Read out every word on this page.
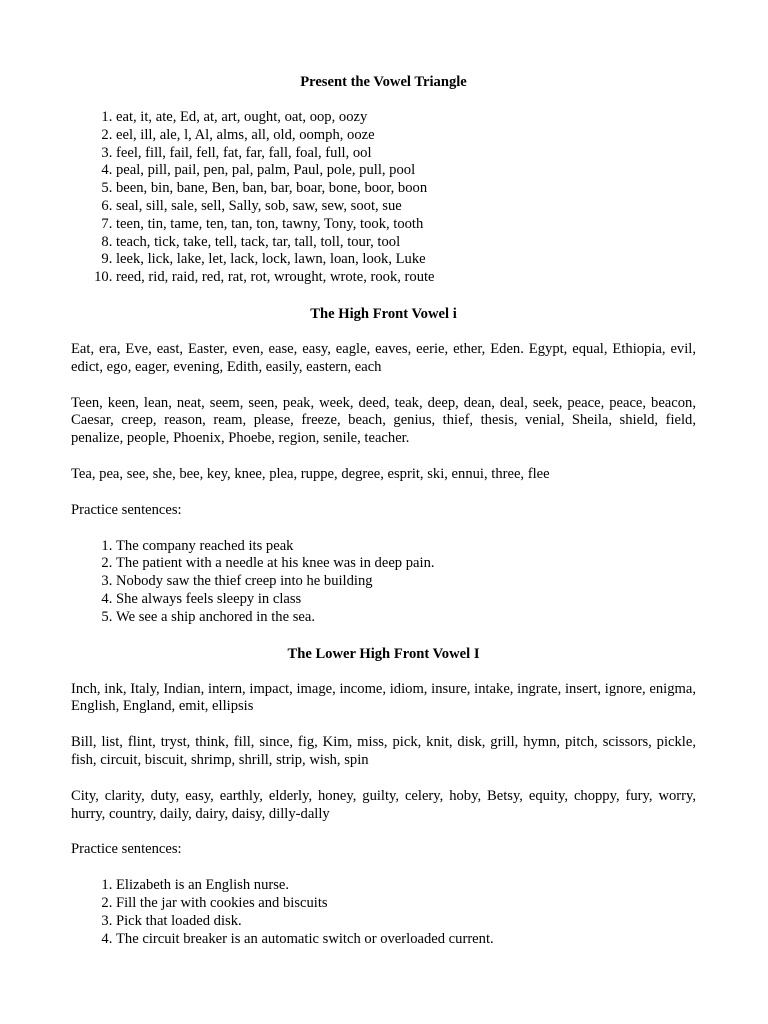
Present the Vowel Triangle
1. eat, it, ate, Ed, at, art, ought, oat, oop, oozy
2. eel, ill, ale, l, Al, alms, all, old, oomph, ooze
3. feel, fill, fail, fell, fat, far, fall, foal, full, ool
4. peal, pill, pail, pen, pal, palm, Paul, pole, pull, pool
5. been, bin, bane, Ben, ban, bar, boar, bone, boor, boon
6. seal, sill, sale, sell, Sally, sob, saw, sew, soot, sue
7. teen, tin, tame, ten, tan, ton, tawny, Tony, took, tooth
8. teach, tick, take, tell, tack, tar, tall, toll, tour, tool
9. leek, lick, lake, let, lack, lock, lawn, loan, look, Luke
10. reed, rid, raid, red, rat, rot, wrought, wrote, rook, route
The High Front Vowel i

Eat, era, Eve, east, Easter, even, ease, easy, eagle, eaves, eerie, ether, Eden. Egypt, equal, Ethiopia, evil, edict, ego, eager, evening, Edith, easily, eastern, each

Teen, keen, lean, neat, seem, seen, peak, week, deed, teak, deep, dean, deal, seek, peace, peace, beacon, Caesar, creep, reason, ream, please, freeze, beach, genius, thief, thesis, venial, Sheila, shield, field, penalize, people, Phoenix, Phoebe, region, senile, teacher.

Tea, pea, see, she, bee, key, knee, plea, ruppe, degree, esprit, ski, ennui, three, flee

Practice sentences:

1. The company reached its peak
2. The patient with a needle at his knee was in deep pain.
3. Nobody saw the thief creep into he building
4. She always feels sleepy in class
5. We see a ship anchored in the sea.
The Lower High Front Vowel I

Inch, ink, Italy, Indian, intern, impact, image, income, idiom, insure, intake, ingrate, insert, ignore, enigma, English, England, emit, ellipsis

Bill, list, flint, tryst, think, fill, since, fig, Kim, miss, pick, knit, disk, grill, hymn, pitch, scissors, pickle, fish, circuit, biscuit, shrimp, shrill, strip, wish, spin

City, clarity, duty, easy, earthly, elderly, honey, guilty, celery, hoby, Betsy, equity, choppy, fury, worry, hurry, country, daily, dairy, daisy, dilly-dally

Practice sentences:

1. Elizabeth is an English nurse.
2. Fill the jar with cookies and biscuits
3. Pick that loaded disk.
4. The circuit breaker is an automatic switch or overloaded current.
